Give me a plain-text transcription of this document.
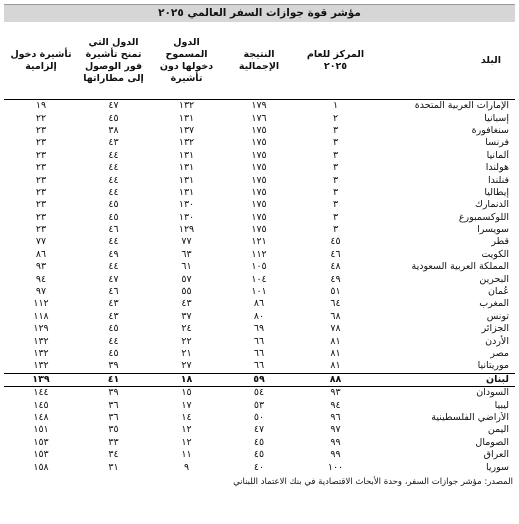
مؤشر قوة جوازات السفر العالمي ٢٠٢٥
البلد	المركز للعام ٢٠٢٥	النتيجة الإجمالية	الدول المسموح دخولها دون تأشيرة	الدول التي تمنح تأشيرة فور الوصول إلى مطاراتها	تأشيرة دخول إلزامية
الإمارات العربية المتحدة	١	١٧٩	١٣٢	٤٧	١٩
إسبانيا	٢	١٧٦	١٣١	٤٥	٢٢
سنغافورة	٣	١٧٥	١٣٧	٣٨	٢٣
فرنسا	٣	١٧٥	١٣٢	٤٣	٢٣
ألمانيا	٣	١٧٥	١٣١	٤٤	٢٣
هولندا	٣	١٧٥	١٣١	٤٤	٢٣
فنلندا	٣	١٧٥	١٣١	٤٤	٢٣
إيطاليا	٣	١٧٥	١٣١	٤٤	٢٣
الدنمارك	٣	١٧٥	١٣٠	٤٥	٢٣
اللوكسمبورغ	٣	١٧٥	١٣٠	٤٥	٢٣
سويسرا	٣	١٧٥	١٢٩	٤٦	٢٣
قطر	٤٥	١٢١	٧٧	٤٤	٧٧
الكويت	٤٦	١١٢	٦٣	٤٩	٨٦
المملكة العربية السعودية	٤٨	١٠٥	٦١	٤٤	٩٣
البحرين	٤٩	١٠٤	٥٧	٤٧	٩٤
عُمان	٥١	١٠١	٥٥	٤٦	٩٧
المغرب	٦٤	٨٦	٤٣	٤٣	١١٢
تونس	٦٨	٨٠	٣٧	٤٣	١١٨
الجزائر	٧٨	٦٩	٢٤	٤٥	١٢٩
الأردن	٨١	٦٦	٢٢	٤٤	١٣٢
مصر	٨١	٦٦	٢١	٤٥	١٣٢
موريتانيا	٨١	٦٦	٢٧	٣٩	١٣٢
لبنان	٨٨	٥٩	١٨	٤١	١٣٩
السودان	٩٣	٥٤	١٥	٣٩	١٤٤
ليبيا	٩٤	٥٣	١٧	٣٦	١٤٥
الأراضي الفلسطينية	٩٦	٥٠	١٤	٣٦	١٤٨
اليمن	٩٧	٤٧	١٢	٣٥	١٥١
الصومال	٩٩	٤٥	١٢	٣٣	١٥٣
العراق	٩٩	٤٥	١١	٣٤	١٥٣
سوريا	١٠٠	٤٠	٩	٣١	١٥٨
المصدر: مؤشر جوازات السفر، وحدة الأبحاث الاقتصادية في بنك الاعتماد اللبناني
